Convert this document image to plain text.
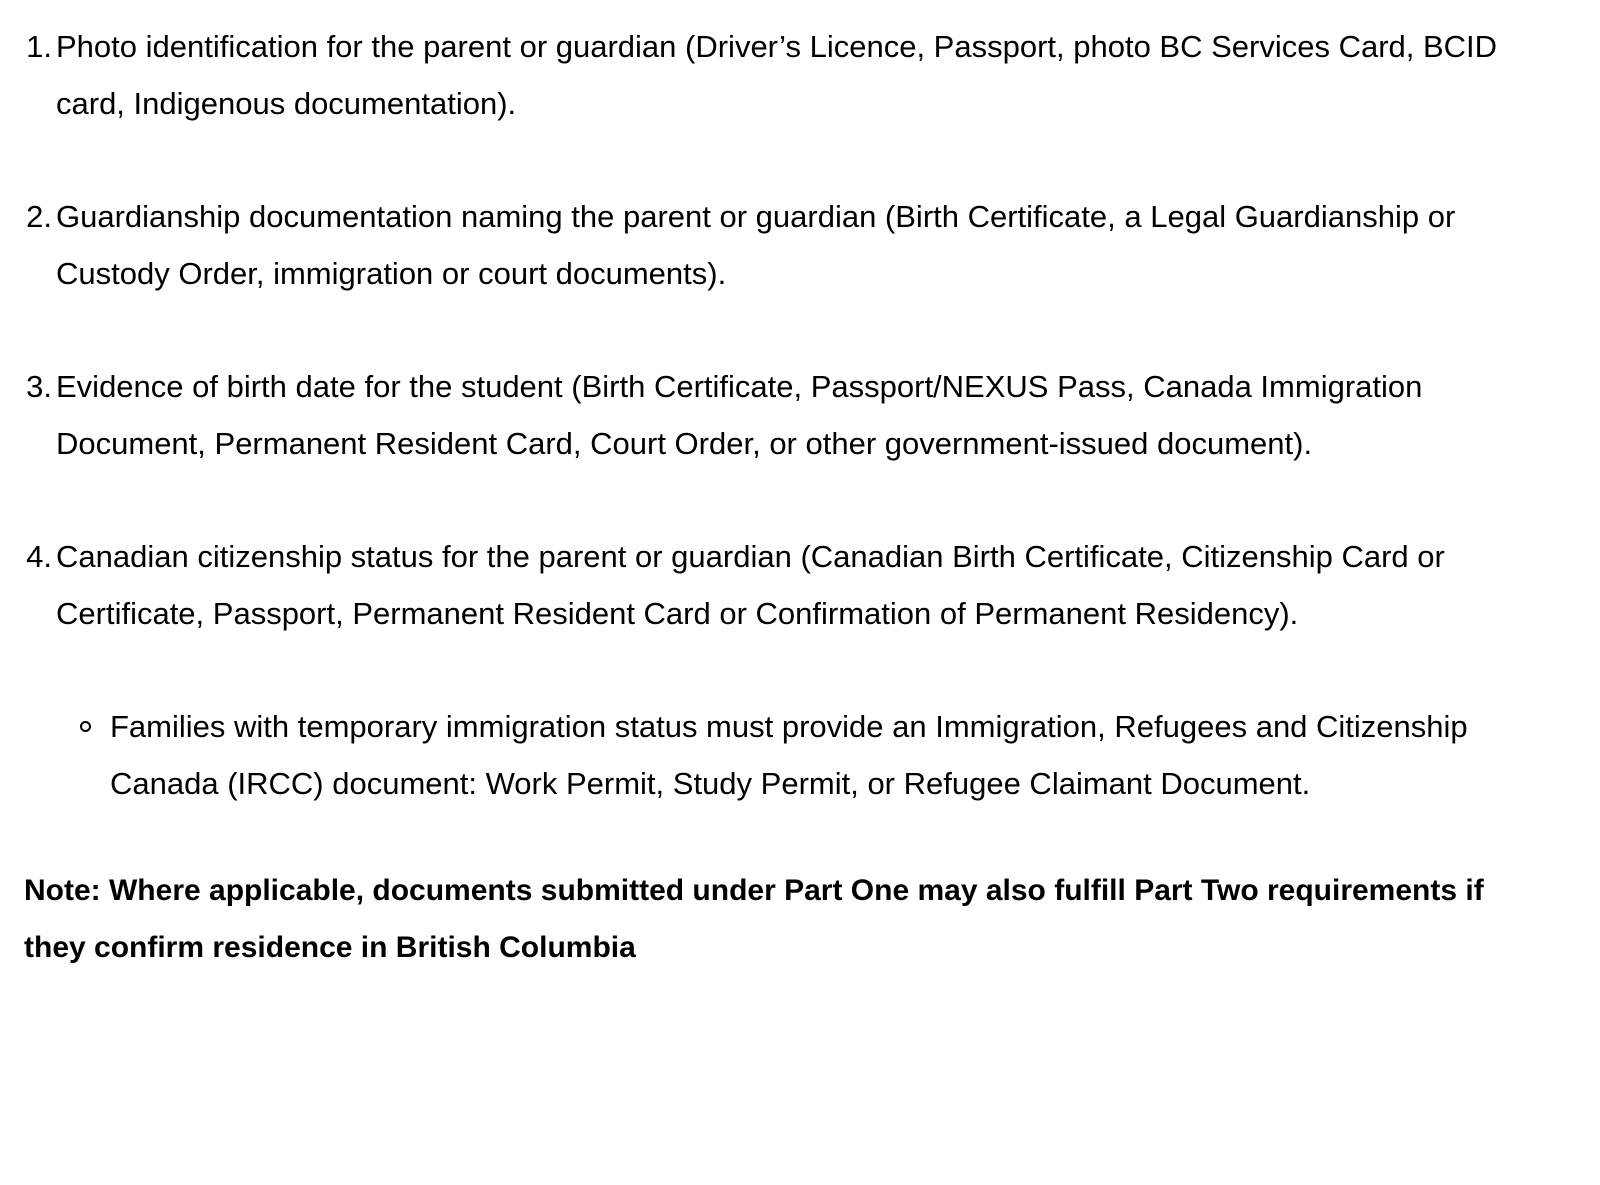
1. Photo identification for the parent or guardian (Driver’s Licence, Passport, photo BC Services Card, BCID card, Indigenous documentation).
2. Guardianship documentation naming the parent or guardian (Birth Certificate, a Legal Guardianship or Custody Order, immigration or court documents).
3. Evidence of birth date for the student (Birth Certificate, Passport/NEXUS Pass, Canada Immigration Document, Permanent Resident Card, Court Order, or other government-issued document).
4. Canadian citizenship status for the parent or guardian (Canadian Birth Certificate, Citizenship Card or Certificate, Passport, Permanent Resident Card or Confirmation of Permanent Residency).
Families with temporary immigration status must provide an Immigration, Refugees and Citizenship Canada (IRCC) document: Work Permit, Study Permit, or Refugee Claimant Document.

Note: Where applicable, documents submitted under Part One may also fulfill Part Two requirements if they confirm residence in British Columbia
